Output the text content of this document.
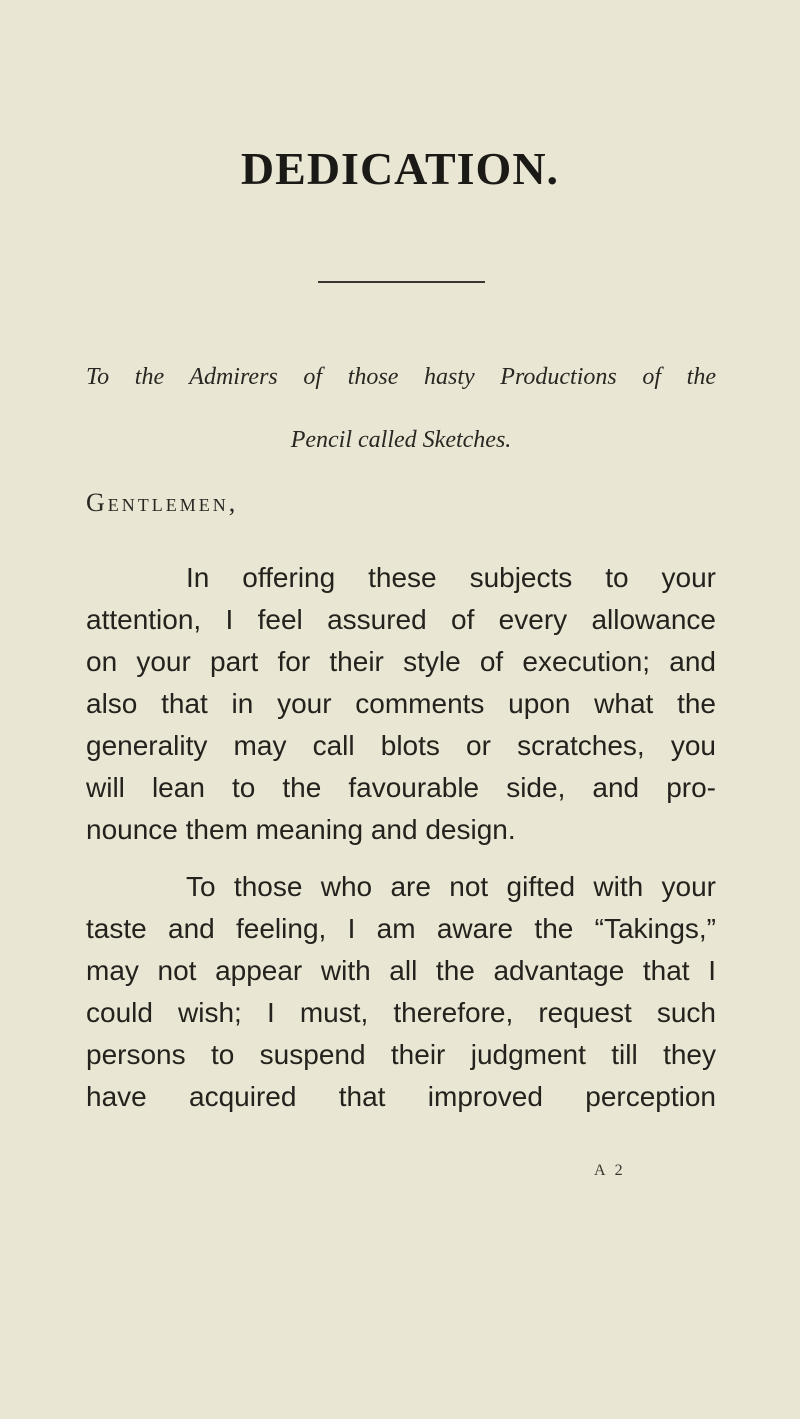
DEDICATION.
To the Admirers of those hasty Productions of the
Pencil called Sketches.
Gentlemen,
In offering these subjects to your
attention, I feel assured of every allowance
on your part for their style of execution; and
also that in your comments upon what the
generality may call blots or scratches, you
will lean to the favourable side, and pro-
nounce them meaning and design.
To those who are not gifted with your
taste and feeling, I am aware the “Takings,”
may not appear with all the advantage that I
could wish; I must, therefore, request such
persons to suspend their judgment till they
have acquired that improved perception
A 2
